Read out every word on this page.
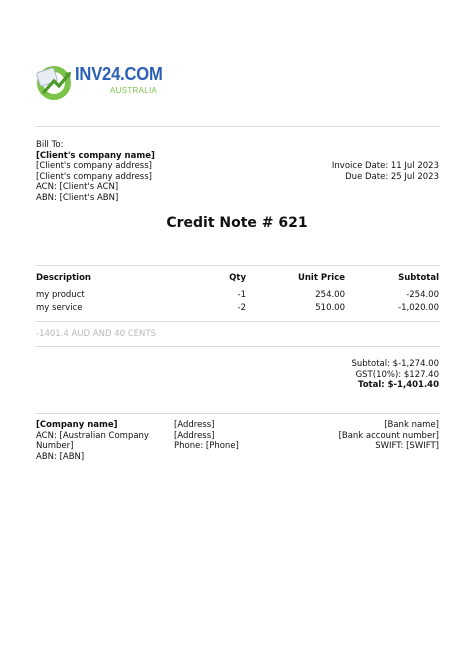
INV24.COM
AUSTRALIA
Bill To:
[Client's company name]
[Client's company address]
[Client's company address]
ACN: [Client's ACN]
ABN: [Client's ABN]
Invoice Date: 11 Jul 2023
Due Date: 25 Jul 2023
Credit Note # 621
Description	Qty	Unit Price	Subtotal
my product	-1	254.00	-254.00
my service	-2	510.00	-1,020.00
-1401.4 AUD AND 40 CENTS
Subtotal: $-1,274.00
GST(10%): $127.40
Total: $-1,401.40
[Company name]
ACN: [Australian Company
Number]
ABN: [ABN]
[Address]
[Address]
Phone: [Phone]
[Bank name]
[Bank account number]
SWIFT: [SWIFT]
